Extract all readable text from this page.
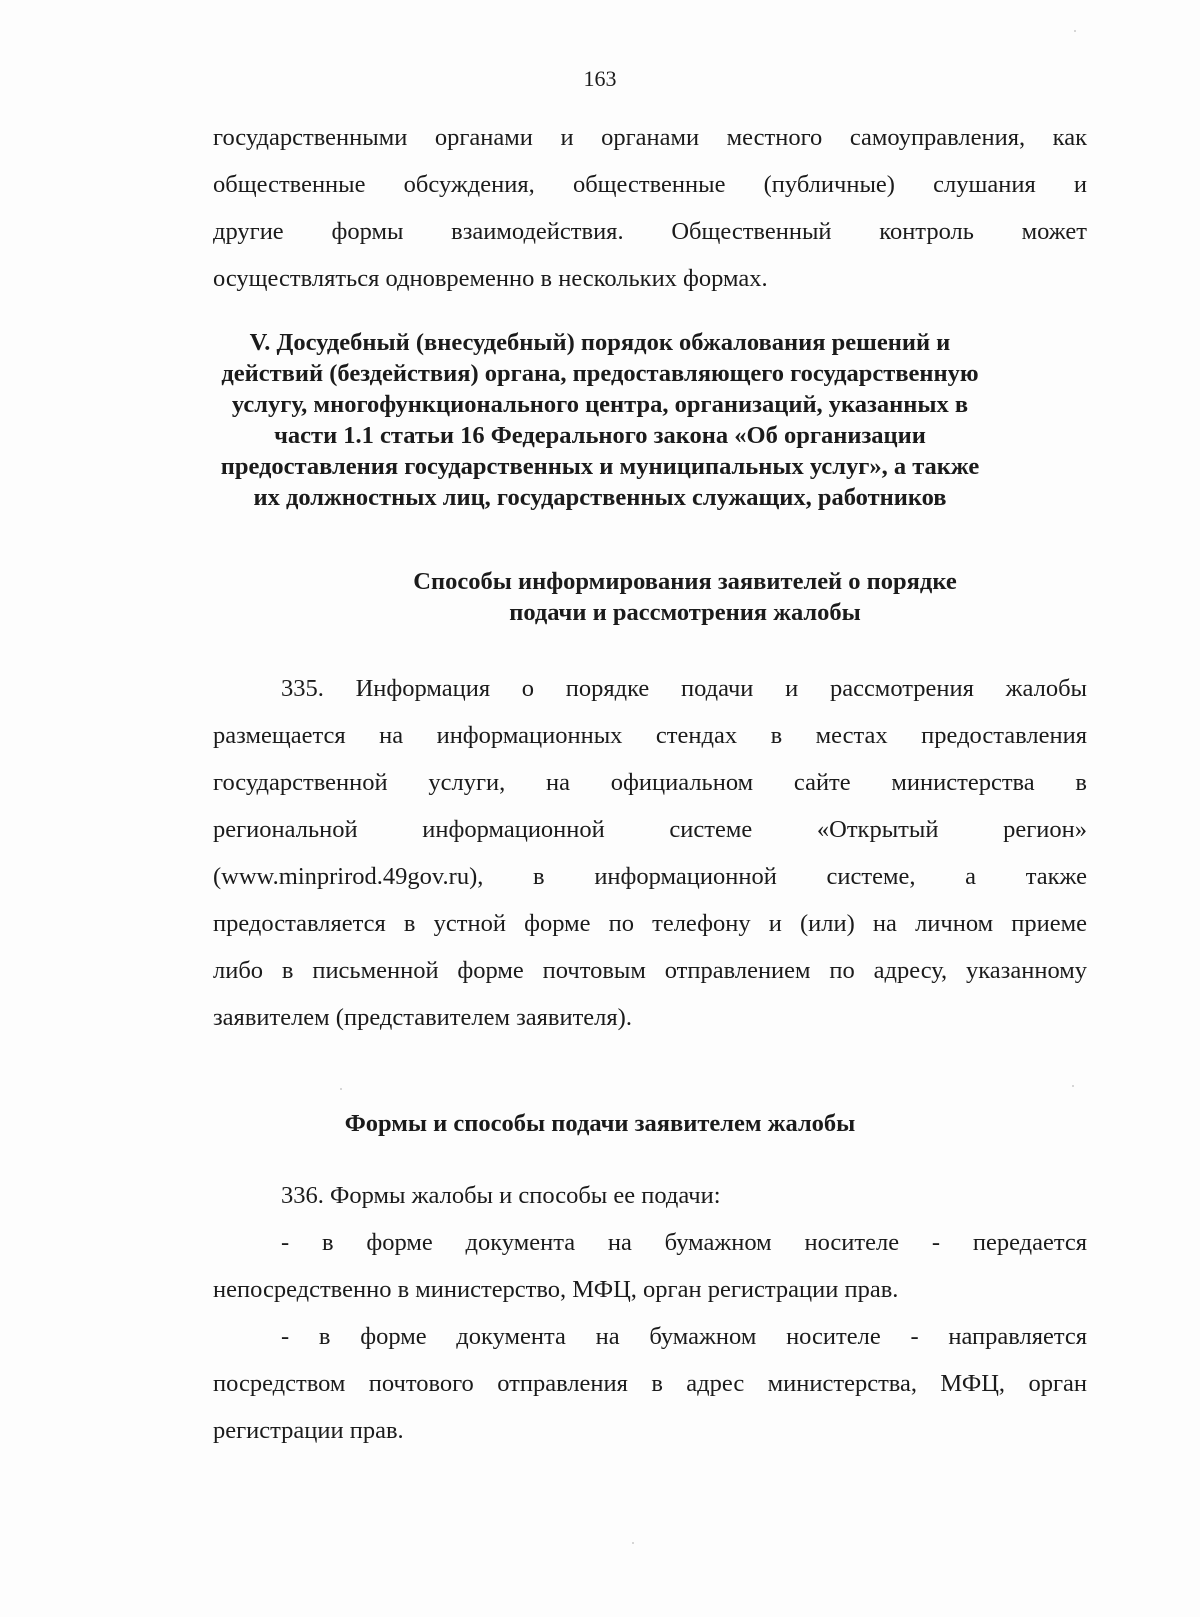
163
государственными органами и органами местного самоуправления, как
общественные обсуждения, общественные (публичные) слушания и
другие формы взаимодействия. Общественный контроль может
осуществляться одновременно в нескольких формах.
V. Досудебный (внесудебный) порядок обжалования решений и
действий (бездействия) органа, предоставляющего государственную
услугу, многофункционального центра, организаций, указанных в
части 1.1 статьи 16 Федерального закона «Об организации
предоставления государственных и муниципальных услуг», а также
их должностных лиц, государственных служащих, работников
Способы информирования заявителей о порядке
подачи и рассмотрения жалобы
335. Информация о порядке подачи и рассмотрения жалобы
размещается на информационных стендах в местах предоставления
государственной услуги, на официальном сайте министерства в
региональной информационной системе «Открытый регион»
(www.minprirod.49gov.ru), в информационной системе, а также
предоставляется в устной форме по телефону и (или) на личном приеме
либо в письменной форме почтовым отправлением по адресу, указанному
заявителем (представителем заявителя).
Формы и способы подачи заявителем жалобы
336. Формы жалобы и способы ее подачи:
- в форме документа на бумажном носителе - передается
непосредственно в министерство, МФЦ, орган регистрации прав.
- в форме документа на бумажном носителе - направляется
посредством почтового отправления в адрес министерства, МФЦ, орган
регистрации прав.
